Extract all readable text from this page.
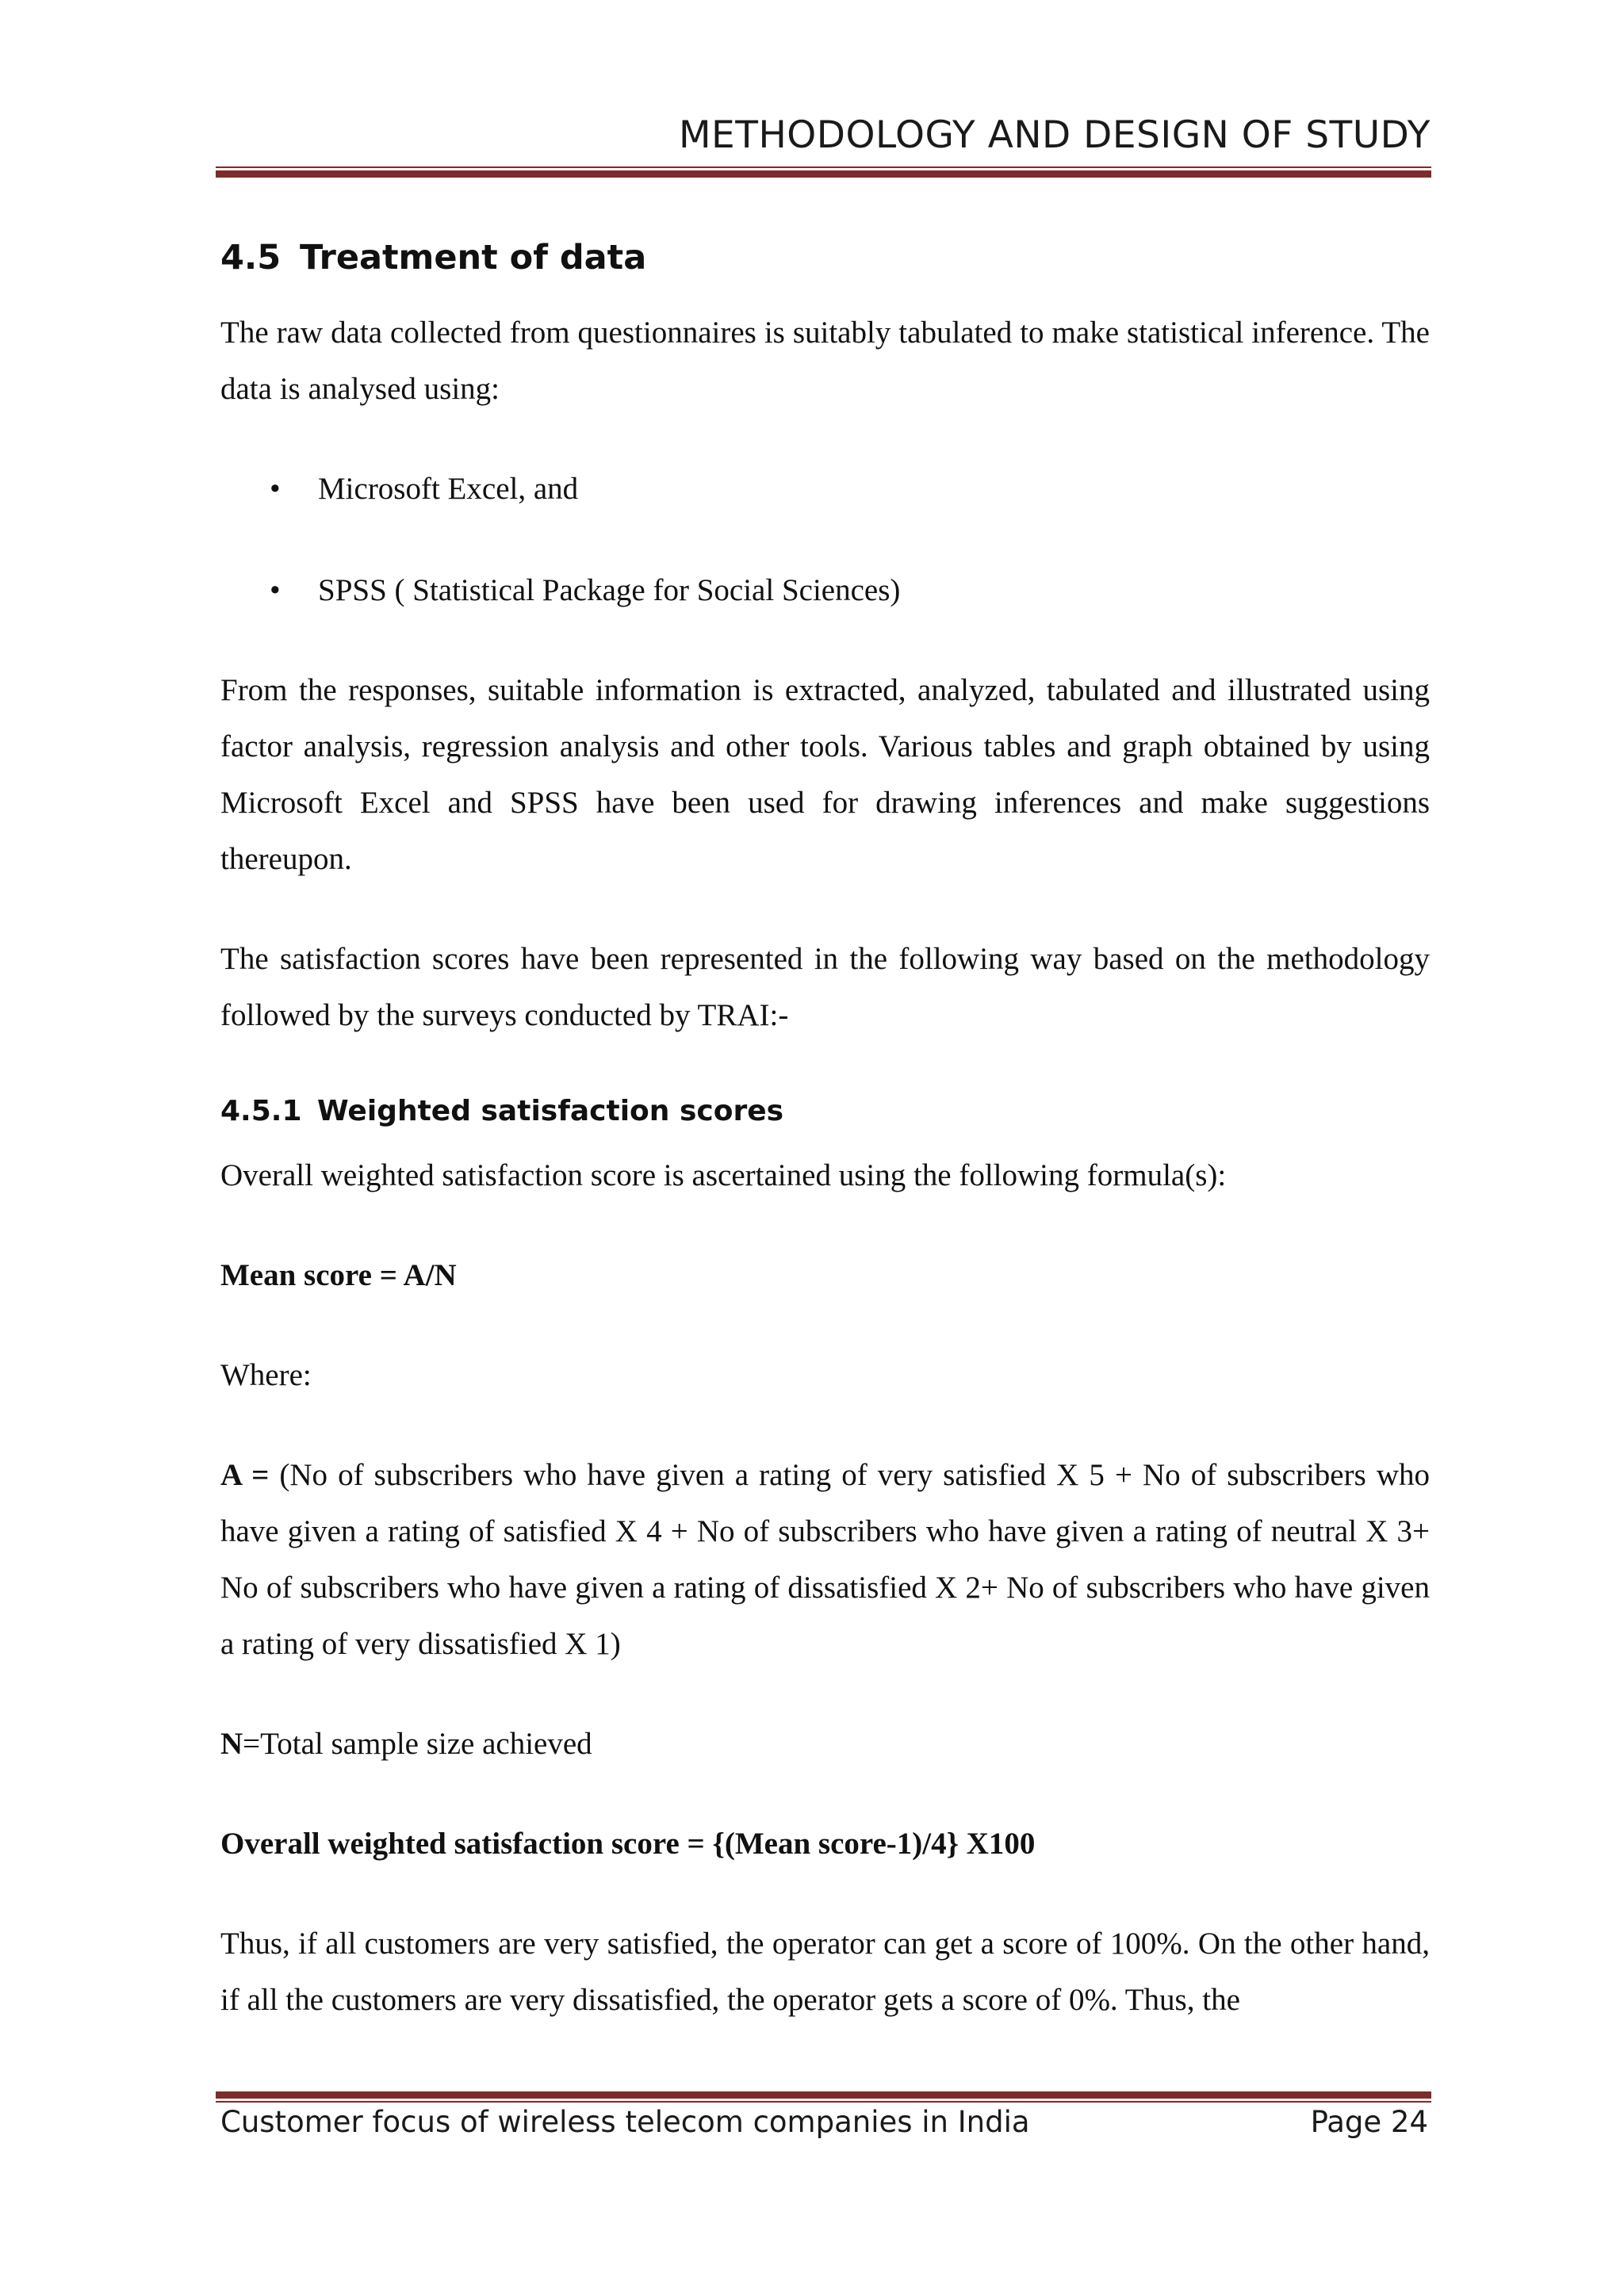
METHODOLOGY AND DESIGN OF STUDY
4.5 Treatment of data

The raw data collected from questionnaires is suitably tabulated to make statistical inference. The data is analysed using:

• Microsoft Excel, and
• SPSS ( Statistical Package for Social Sciences)

From the responses, suitable information is extracted, analyzed, tabulated and illustrated using factor analysis, regression analysis and other tools. Various tables and graph obtained by using Microsoft Excel and SPSS have been used for drawing inferences and make suggestions thereupon.

The satisfaction scores have been represented in the following way based on the methodology followed by the surveys conducted by TRAI:-

4.5.1 Weighted satisfaction scores

Overall weighted satisfaction score is ascertained using the following formula(s):

Mean score = A/N

Where:

A = (No of subscribers who have given a rating of very satisfied X 5 + No of subscribers who have given a rating of satisfied X 4 + No of subscribers who have given a rating of neutral X 3+ No of subscribers who have given a rating of dissatisfied X 2+ No of subscribers who have given a rating of very dissatisfied X 1)

N=Total sample size achieved

Overall weighted satisfaction score = {(Mean score-1)/4} X100

Thus, if all customers are very satisfied, the operator can get a score of 100%. On the other hand, if all the customers are very dissatisfied, the operator gets a score of 0%. Thus, the

Customer focus of wireless telecom companies in India	Page 24
